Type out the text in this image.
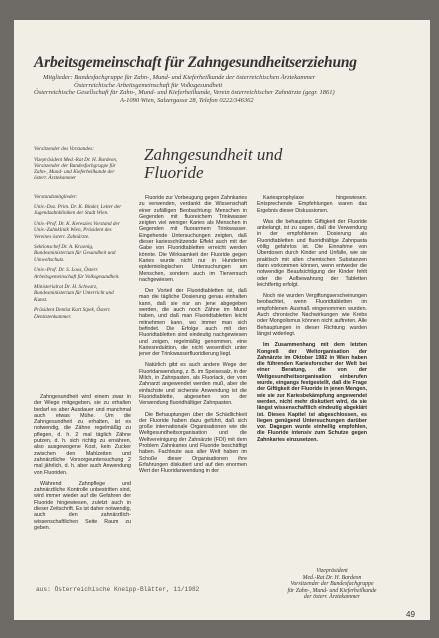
Arbeitsgemeinschaft für Zahngesundheitserziehung
Mitglieder: Bundesfachgruppe für Zahn-, Mund- und Kieferheilkunde der österreichischen Ärztekammer
Österreichische Arbeitsgemeinschaft für Volksgesundheit
Österreichische Gesellschaft für Zahn-, Mund- und Kieferheilkunde, Verein österreichischer Zahnärzte (gegr. 1861)
A-1090 Wien, Salzergasse 28, Telefon 0222/346362

Vorsitzender des Vorstandes:

Vizepräsident Med.-Rat Dr. H. Bardeon, Vorsitzender der Bundesfachgruppe für Zahn-, Mund- und Kieferheilkunde der österr. Ärztekammer

Vorstandsmitglieder:

Univ.-Doz. Prim. Dr. K. Binder, Leiter der Jugendzahnkliniken der Stadt Wien.

Univ.-Prof. Dr. K. Kereszies Vorstand der Univ.-Zahnklinik Wien, Präsident des Vereines österr. Zahnärzte.

Sektionschef Dr. A. Kraonig, Bundesministerium für Gesundheit und Umweltschutz.

Univ.-Prof. Dr. S. Loos, Österr. Arbeitsgemeinschaft für Volksgesundheit.

Ministerialrat Dr. H. Schwarz, Bundesministerium für Unterricht und Kunst.

Präsident Dentist Kurt Sipek, Österr. Dentistenkammer.

Zahngesundheit und
Fluoride

Zahngesundheit wird einem zwar in der Wiege mitgegeben, sie zu erhalten bedarf es aber Ausdauer und manchmal auch etwas Mühe. Um die Zahngesundheit zu erhalten, ist es notwendig, die Zähne regelmäßig zu pflegen, d. h. 2 mal täglich Zähne putzen, d. h. sich richtig zu ernähren, also ausgewogene Kost, kein Zucker zwischen den Mahlzeiten und zahnärztliche Vorsorgeuntersuchung 2 mal jährlich, d. h. aber auch Anwendung von Fluoriden.

Während Zahnpflege und zahnärztliche Kontrolle unbestritten sind, wird immer wieder auf die Gefahren der Fluoride hingewiesen, zuletzt auch in dieser Zeitschrift. Es ist daher notwendig, auch den zahnärztlich-wissenschaftlichen Seite Raum zu geben.

Fluoride zur Vorbeugung gegen Zahnkaries zu verwenden, verdankt die Wissenschaft einer zufälligen Beobachtung: Menschen in Gegenden mit fluoreichem Trinkwasser zeigten viel weniger Karies als Menschen in Gegenden mit fluorarmem Trinkwasser. Eingehende Untersuchungen zeigten, daß dieser kariesschützende Effekt auch mit der Gabe von Fluoridtabletten erreicht werden könnte. Die Wirksamkeit der Fluoride gegen Karies wurde nicht nur in Hunderten epidemiologischen Untersuchungen am Menschen, sondern auch im Tierversuch nachgewiesen.

Der Vorteil der Fluoridtabletten ist, daß man die tägliche Dosierung genau einhalten kann, daß sie nur an jene abgegeben werden, die auch noch Zähne im Mund haben, und daß man Fluoridtabletten leicht mitnehmen kann, wo immer man sich befindet. Die Erfolge auch mit den Fluoridtabletten sind eindeutig nachgewiesen und zeigen, regelmäßig genommen, eine Kariesreduktion, die nicht wesentlich unter jener der Trinkwasserfluoridierung liegt.

Natürlich gibt es auch andere Wege der Fluoridanwendung, z. B. im Speisesalz, in der Milch, in Zahnpasten, als Fluorlack, der vom Zahnarzt angewendet werden muß, aber die einfachste und sicherste Anwendung ist die Fluoridtablette, abgesehen von der Verwendung fluoridhältiger Zahnpasten.

Die Behauptungen über die Schädlichkeit der Fluoride haben dazu geführt, daß sich große internationale Organisationen wie die Weltgesundheitsorganisation und die Weltvereinigung der Zahnärzte (FDI) mit dem Problem Zahnkaries und Fluoride beschäftigt haben. Fachleute aus aller Welt haben im Schoße dieser Organisationen ihre Erfahrungen diskutiert und auf den enormen Wert der Fluoridanwendung in der

Kariesprophylaxe hingewiesen. Entsprechende Empfehlungen waren das Ergebnis dieser Diskussionen.

Was die behauptete Giftigkeit der Fluoride anbelangt, ist zu sagen, daß die Verwendung in der empfohlenen Dosierung als Fluoridtabletten und fluoridhältige Zahnpasta völlig gefahrlos ist. Die Einnahme von Überdosen durch Kinder und Unfälle, wie sie praktisch mit allen chemischen Substanzen dann vorkommen können, wenn entweder die notwendige Beaufsichtigung der Kinder fehlt oder die Aufbewahrung der Tabletten leichtfertig erfolgt.

Noch nie wurden Vergiftungserscheinungen beobachtet, wenn Fluoridtabletten im empfohlenen Ausmaß eingenommen wurden. Auch chronische Nachwirkungen wie Krebs oder Mongolismus können nicht auftreten. Alle Behauptungen in dieser Richtung wurden längst widerlegt.

Im Zusammenhang mit dem letzten Kongreß der Weltorganisation der Zahnärzte im Oktober 1982 in Wien haben die führenden Kariesforscher der Welt bei einer Beratung, die von der Weltgesundheitsorganisation einberufen wurde, eingangs festgestellt, daß die Frage der Giftigkeit der Fluoride in jenen Mengen, wie sie zur Kariesbekämpfung angewendet werden, nicht mehr diskutiert wird, da sie längst wissenschaftlich eindeutig abgeklärt ist. Dieses Kapitel ist abgeschlossen, es liegen genügend Untersuchungen darüber vor. Dagegen wurde einhellig empfohlen, die Fluoride intensiv zum Schutze gegen Zahnkaries einzusetzen.

Vizepräsident
Med.-Rat Dr. H. Bardeon
Vorsitzender der Bundesfachgruppe
für Zahn-, Mund- und Kieferheilkunde
der österr. Ärztekammer
aus: Österreichische Kneipp-Blätter, 11/1982
49
